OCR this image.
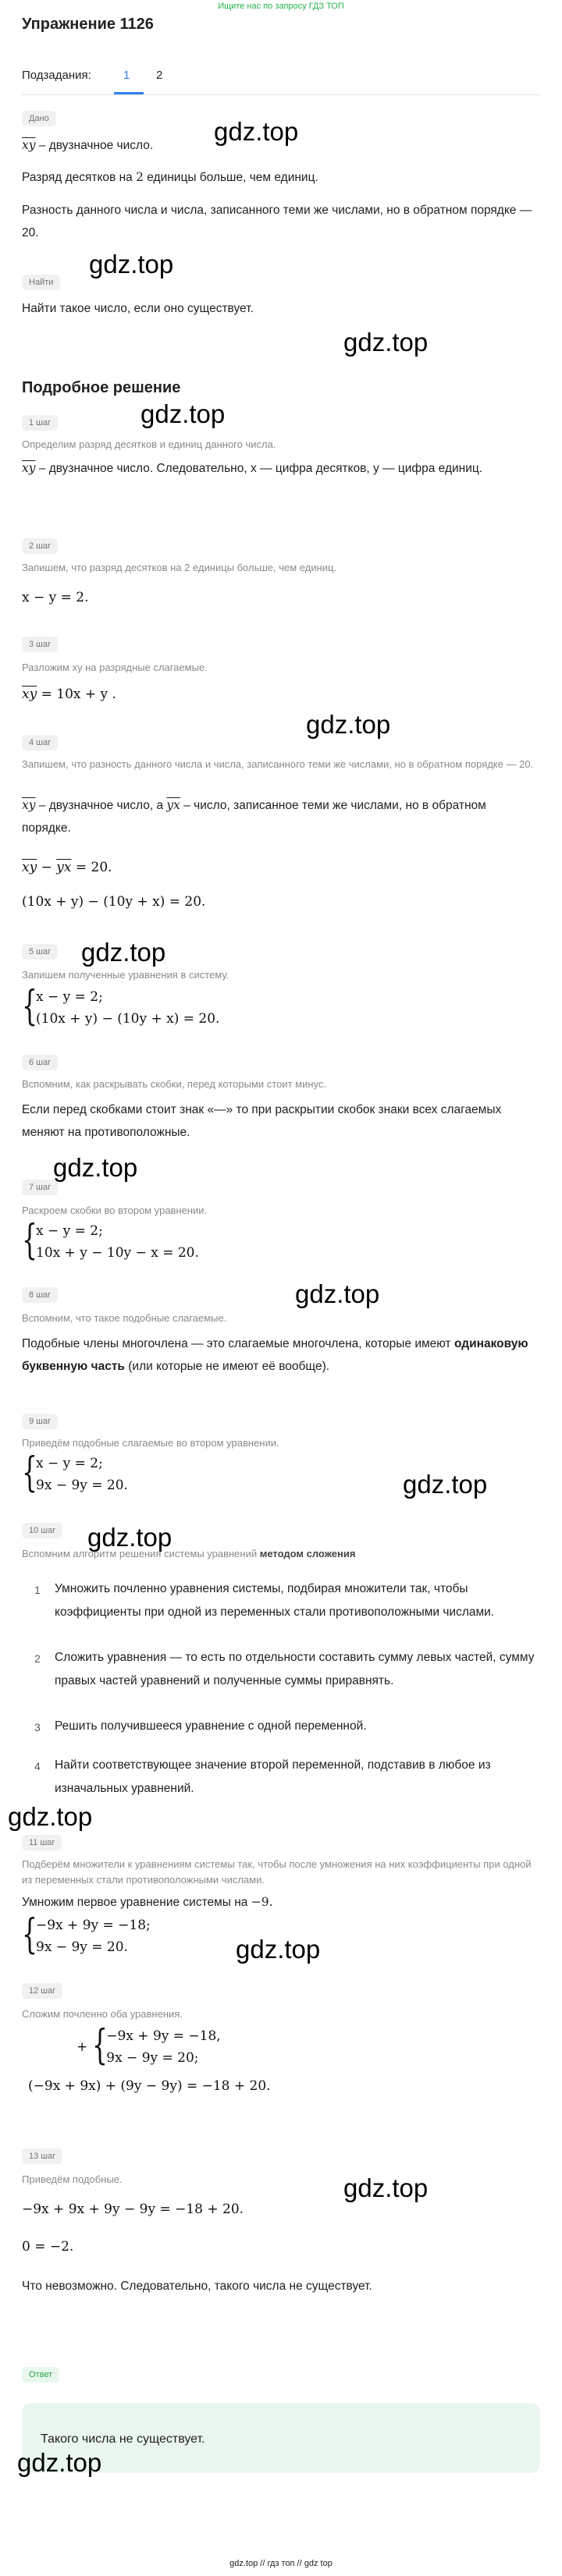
Ищите нас по запросу ГДЗ ТОП
Упражнение 1126
Подзадания:	1	2
Дано
$\overline{xy}$ – двузначное число.
Разряд десятков на 2 единицы больше, чем единиц.
Разность данного числа и числа, записанного теми же числами, но в обратном порядке — 20.
Найти
Найти такое число, если оно существует.
Подробное решение
1 шаг
Определим разряд десятков и единиц данного числа.
$\overline{xy}$ – двузначное число. Следовательно, x — цифра десятков, y — цифра единиц.
2 шаг
Запишем, что разряд десятков на 2 единицы больше, чем единиц.
x − y = 2.
3 шаг
Разложим xy на разрядные слагаемые.
$\overline{xy} = 10x + y$ .
4 шаг
Запишем, что разность данного числа и числа, записанного теми же числами, но в обратном порядке — 20.
$\overline{xy}$ – двузначное число, а $\overline{yx}$ – число, записанное теми же числами, но в обратном порядке.
$\overline{xy} - \overline{yx} = 20$.
(10x + y) − (10y + x) = 20.
5 шаг
Запишем полученные уравнения в систему.
{
x − y = 2;
(10x + y) − (10y + x) = 20.
6 шаг
Вспомним, как раскрывать скобки, перед которыми стоит минус.
Если перед скобками стоит знак «—» то при раскрытии скобок знаки всех слагаемых меняют на противоположные.
7 шаг
Раскроем скобки во втором уравнении.
{
x − y = 2;
10x + y − 10y − x = 20.
8 шаг
Вспомним, что такое подобные слагаемые.
Подобные члены многочлена — это слагаемые многочлена, которые имеют одинаковую буквенную часть (или которые не имеют её вообще).
9 шаг
Приведём подобные слагаемые во втором уравнении.
{
x − y = 2;
9x − 9y = 20.
10 шаг
Вспомним алгоритм решения системы уравнений методом сложения
1 Умножить почленно уравнения системы, подбирая множители так, чтобы коэффициенты при одной из переменных стали противоположными числами.
2 Сложить уравнения — то есть по отдельности составить сумму левых частей, сумму правых частей уравнений и полученные суммы приравнять.
3 Решить получившееся уравнение с одной переменной.
4 Найти соответствующее значение второй переменной, подставив в любое из изначальных уравнений.
11 шаг
Подберём множители к уравнениям системы так, чтобы после умножения на них коэффициенты при одной из переменных стали противоположными числами.
Умножим первое уравнение системы на −9.
{
−9x + 9y = −18;
9x − 9y = 20.
12 шаг
Сложим почленно оба уравнения.
+ {
−9x + 9y = −18,
9x − 9y = 20;
(−9x + 9x) + (9y − 9y) = −18 + 20.
13 шаг
Приведём подобные.
−9x + 9x + 9y − 9y = −18 + 20.
0 = −2.
Что невозможно. Следовательно, такого числа не существует.
Ответ
Такого числа не существует.
gdz.top
gdz.top
gdz.top
gdz.top
gdz.top
gdz.top
gdz.top
gdz.top
gdz.top
gdz.top
gdz.top
gdz.top
gdz.top
gdz.top
gdz.top // гдз топ // gdz top
